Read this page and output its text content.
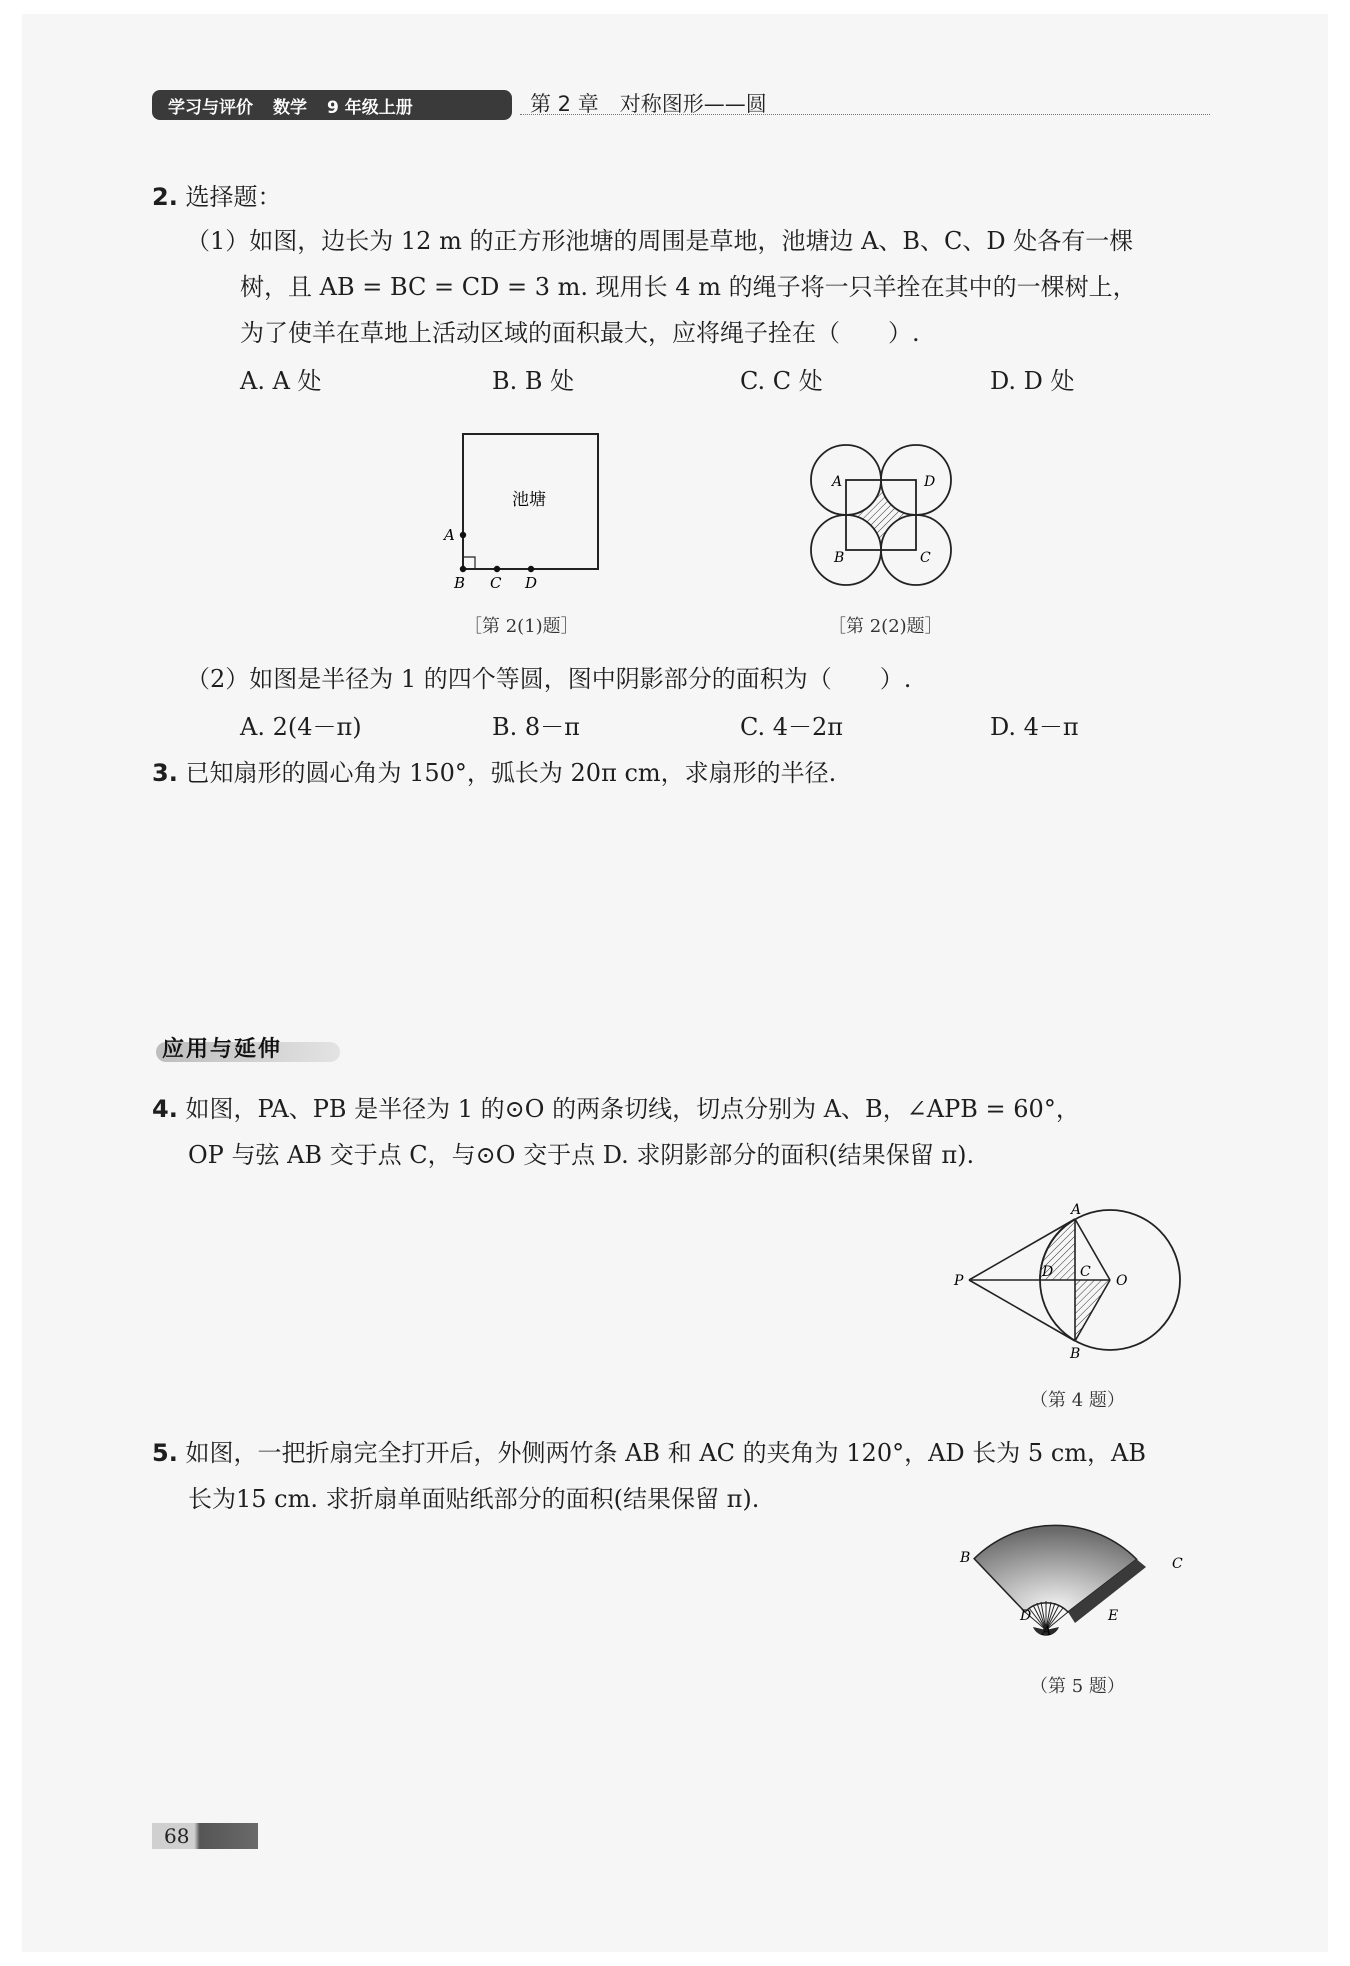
学习与评价 数学 9 年级上册	第 2 章　对称图形——圆
2. 选择题：
（1）如图，边长为 12 m 的正方形池塘的周围是草地，池塘边 A、B、C、D 处各有一棵
树，且 AB = BC = CD = 3 m. 现用长 4 m 的绳子将一只羊拴在其中的一棵树上，
为了使羊在草地上活动区域的面积最大，应将绳子拴在（　　）.
A. A 处	B. B 处	C. C 处	D. D 处
池塘
A
B C D
［第 2(1)题］
A	D
B	C
［第 2(2)题］
（2）如图是半径为 1 的四个等圆，图中阴影部分的面积为（　　）.
A. 2(4－π)	B. 8－π	C. 4－2π	D. 4－π
3. 已知扇形的圆心角为 150°，弧长为 20π cm，求扇形的半径.
应用与延伸
4. 如图，PA、PB 是半径为 1 的⊙O 的两条切线，切点分别为 A、B，∠APB = 60°，
OP 与弦 AB 交于点 C，与⊙O 交于点 D. 求阴影部分的面积(结果保留 π).
A
P
D C
O
B
（第 4 题）
5. 如图，一把折扇完全打开后，外侧两竹条 AB 和 AC 的夹角为 120°，AD 长为 5 cm，AB
长为15 cm. 求折扇单面贴纸部分的面积(结果保留 π).
B	C
D	E
A
（第 5 题）
68
